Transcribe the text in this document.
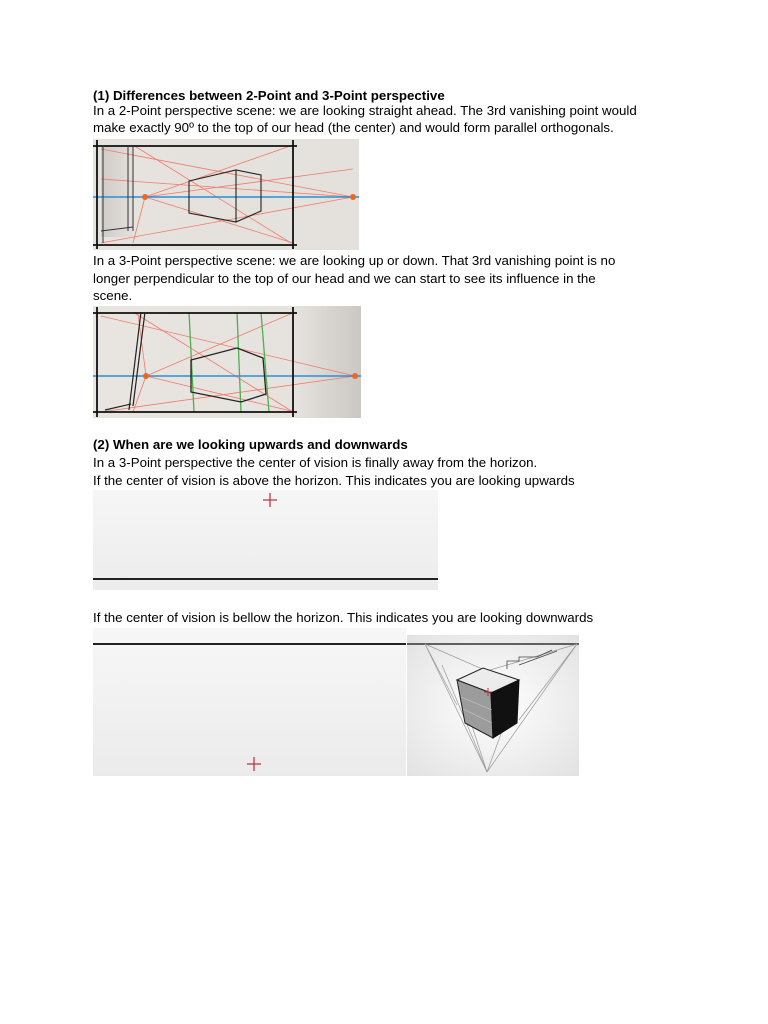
(1) Differences between 2-Point and 3-Point perspective

In a 2-Point perspective scene: we are looking straight ahead. The 3rd vanishing point would

make exactly 90º to the top of our head (the center) and would form parallel orthogonals.

In a 3-Point perspective scene: we are looking up or down. That 3rd vanishing point is no

longer perpendicular to the top of our head and we can start to see its influence in the

scene.

(2) When are we looking upwards and downwards

In a 3-Point perspective the center of vision is finally away from the horizon.

If the center of vision is above the horizon. This indicates you are looking upwards

If the center of vision is bellow the horizon. This indicates you are looking downwards
